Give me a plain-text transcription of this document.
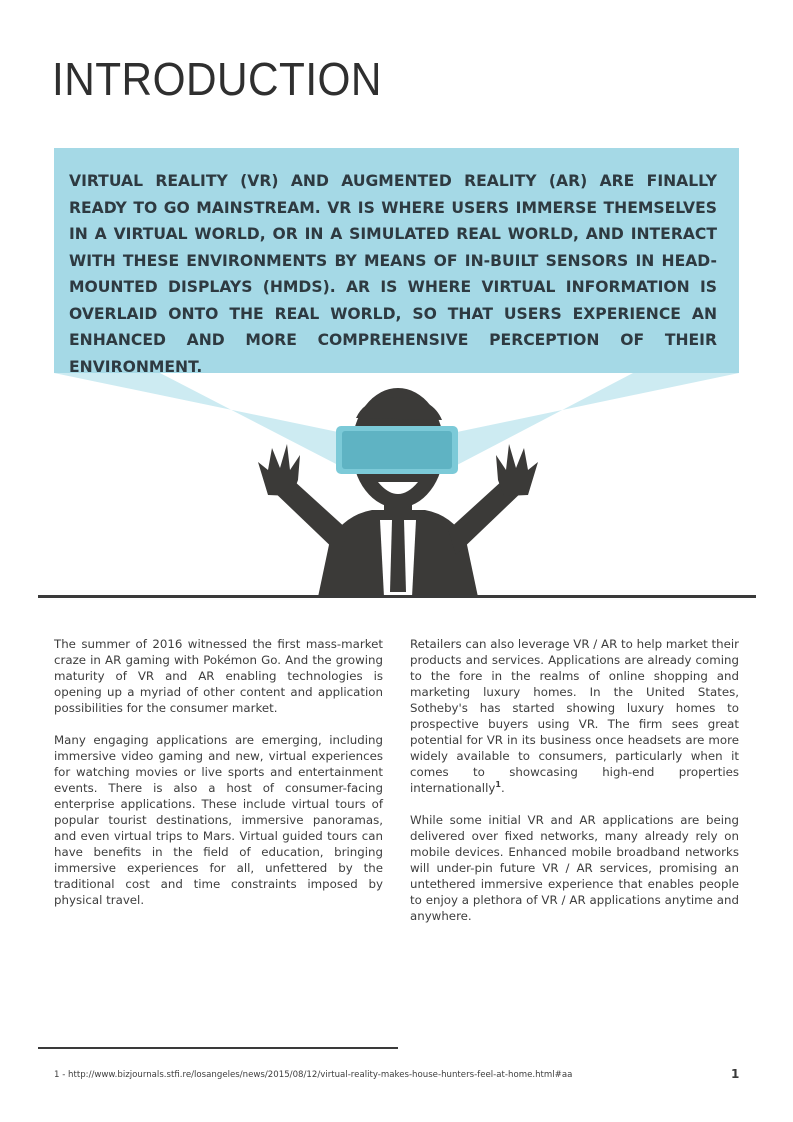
INTRODUCTION

VIRTUAL REALITY (VR) AND AUGMENTED REALITY (AR) ARE FINALLY READY TO GO MAINSTREAM. VR IS WHERE USERS IMMERSE THEMSELVES IN A VIRTUAL WORLD, OR IN A SIMULATED REAL WORLD, AND INTERACT WITH THESE ENVIRONMENTS BY MEANS OF IN-BUILT SENSORS IN HEAD-MOUNTED DISPLAYS (HMDS). AR IS WHERE VIRTUAL INFORMATION IS OVERLAID ONTO THE REAL WORLD, SO THAT USERS EXPERIENCE AN ENHANCED AND MORE COMPREHENSIVE PERCEPTION OF THEIR ENVIRONMENT.

The summer of 2016 witnessed the first mass-market craze in AR gaming with Pokémon Go. And the growing maturity of VR and AR enabling technologies is opening up a myriad of other content and application possibilities for the consumer market.

Many engaging applications are emerging, including immersive video gaming and new, virtual experiences for watching movies or live sports and entertainment events. There is also a host of consumer-facing enterprise applications. These include virtual tours of popular tourist destinations, immersive panoramas, and even virtual trips to Mars. Virtual guided tours can have benefits in the field of education, bringing immersive experiences for all, unfettered by the traditional cost and time constraints imposed by physical travel.

Retailers can also leverage VR / AR to help market their products and services. Applications are already coming to the fore in the realms of online shopping and marketing luxury homes. In the United States, Sotheby's has started showing luxury homes to prospective buyers using VR. The firm sees great potential for VR in its business once headsets are more widely available to consumers, particularly when it comes to showcasing high-end properties internationally$^1$.

While some initial VR and AR applications are being delivered over fixed networks, many already rely on mobile devices. Enhanced mobile broadband networks will under-pin future VR / AR services, promising an untethered immersive experience that enables people to enjoy a plethora of VR / AR applications anytime and anywhere.

1 - http://www.bizjournals.stfi.re/losangeles/news/2015/08/12/virtual-reality-makes-house-hunters-feel-at-home.html#aa	1
